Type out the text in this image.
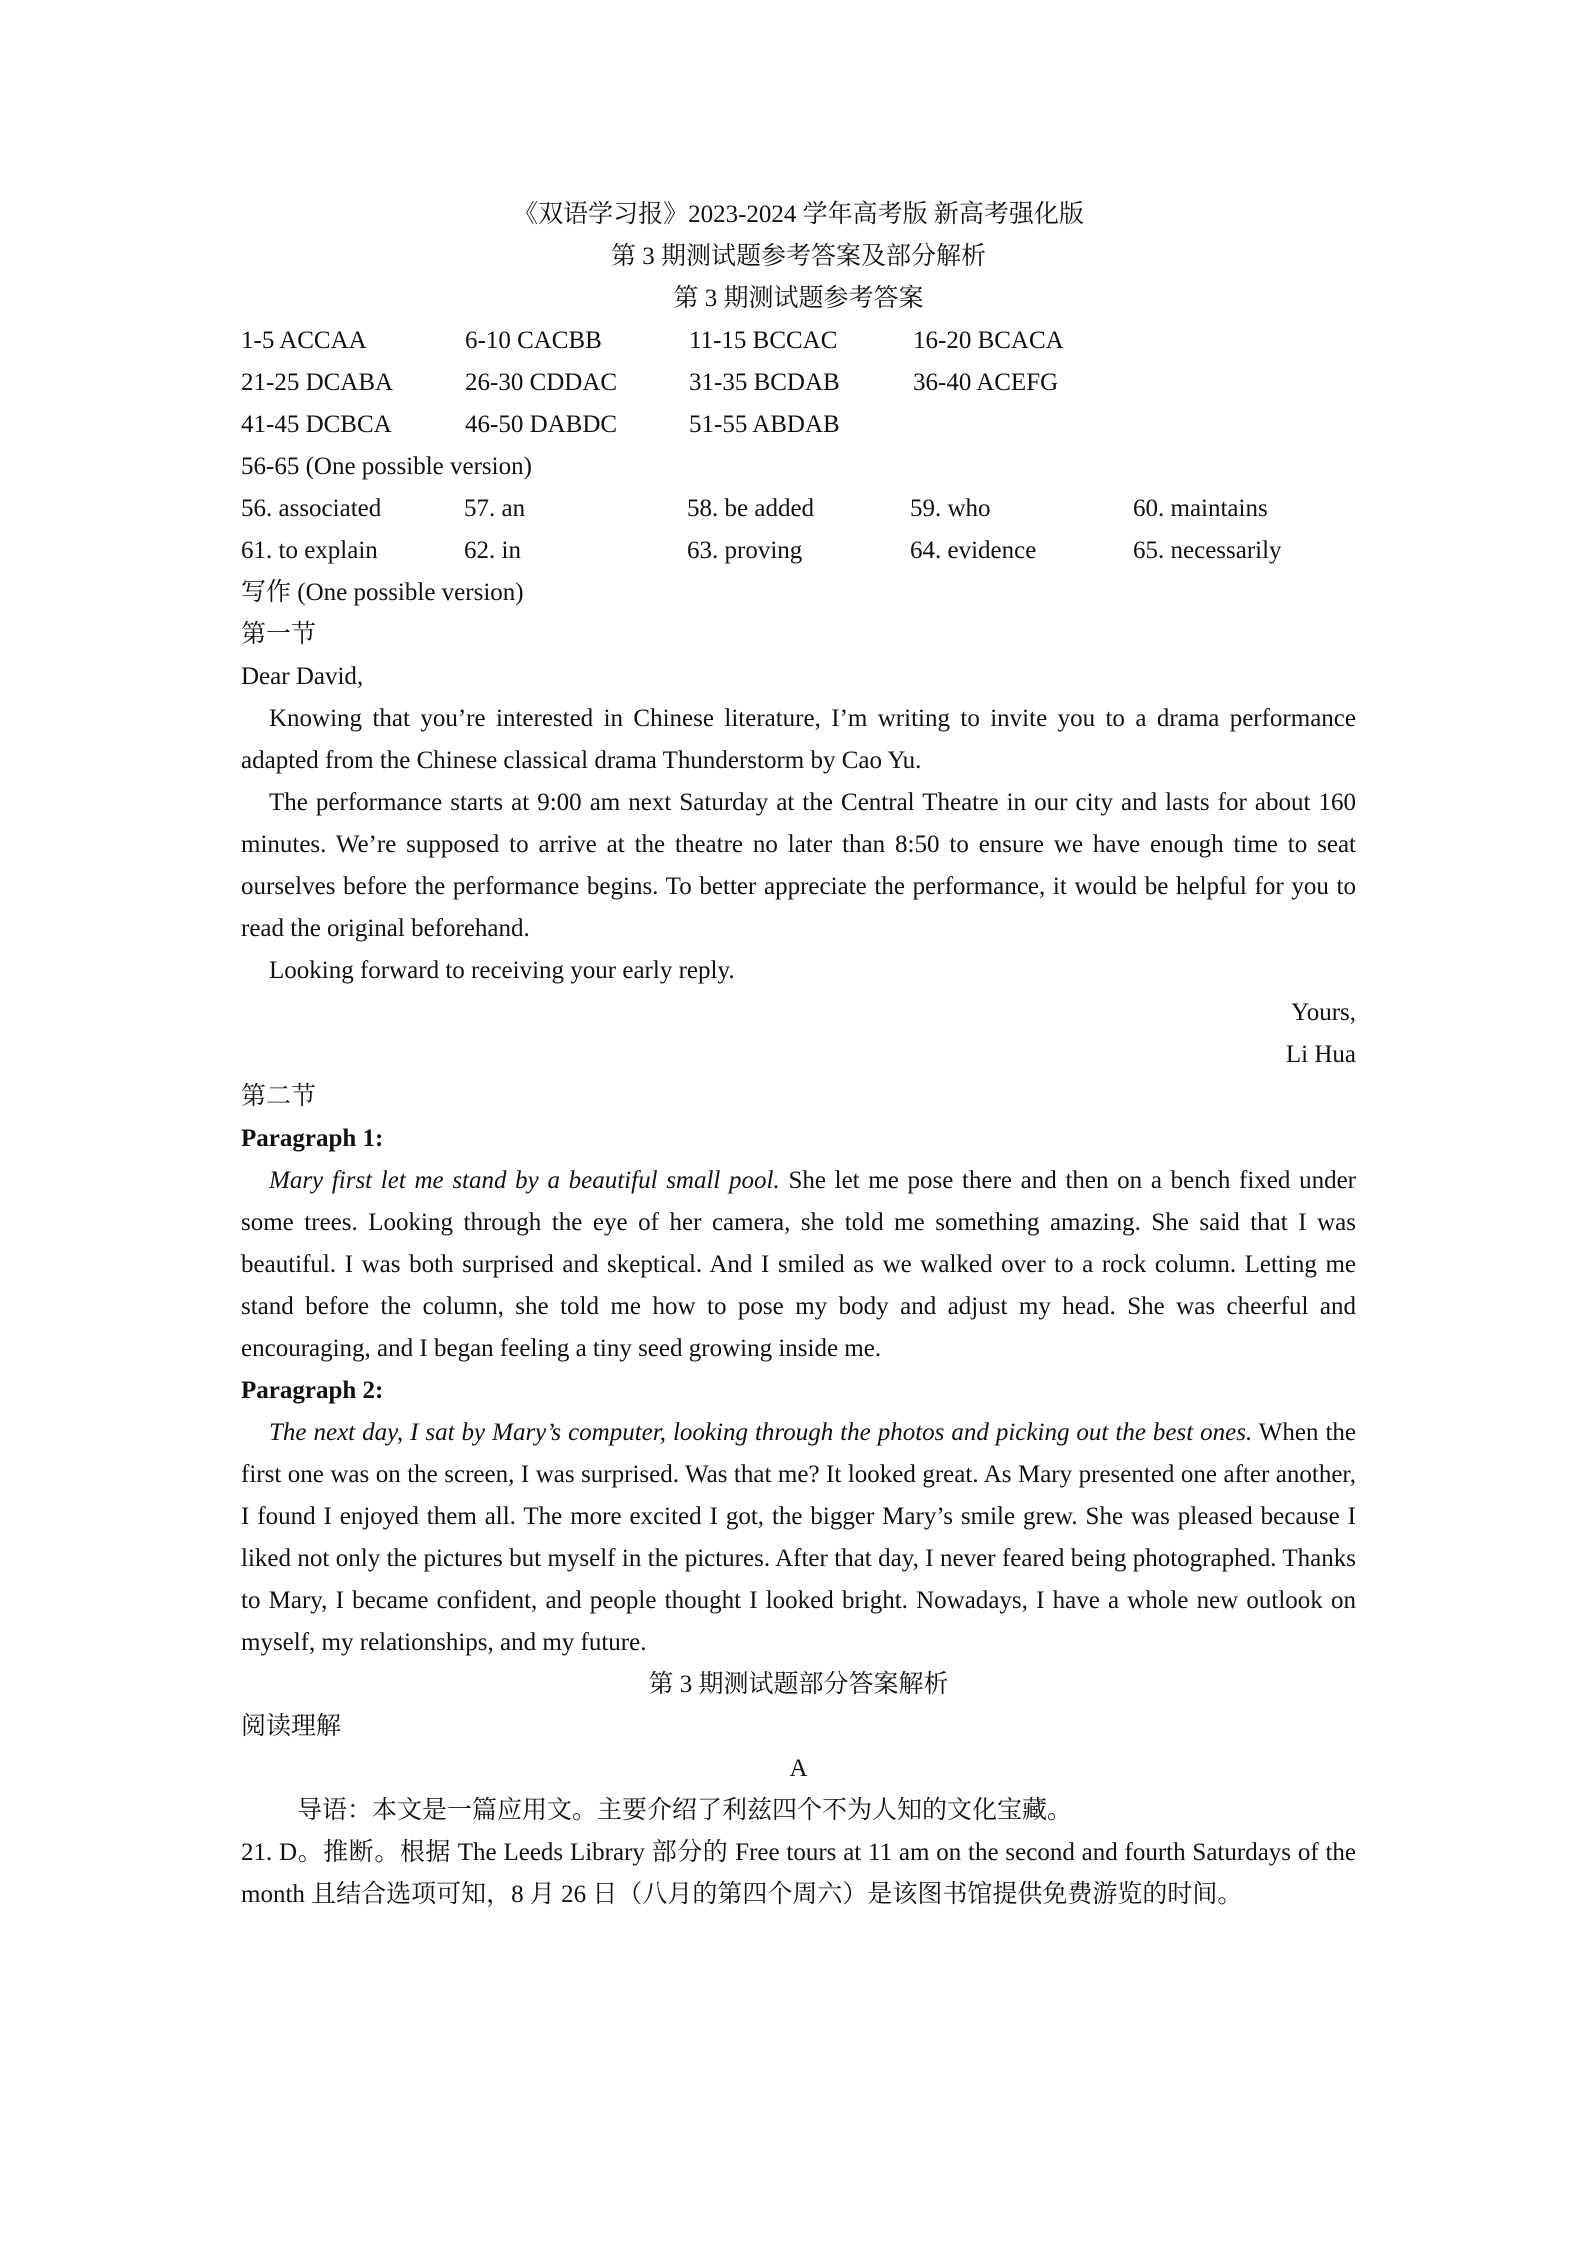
《双语学习报》2023-2024 学年高考版 新高考强化版
第 3 期测试题参考答案及部分解析
第 3 期测试题参考答案
1-5 ACCAA	6-10 CACBB	11-15 BCCAC	16-20 BCACA
21-25 DCABA	26-30 CDDAC	31-35 BCDAB	36-40 ACEFG
41-45 DCBCA	46-50 DABDC	51-55 ABDAB
56-65 (One possible version)
56. associated	57. an	58. be added	59. who	60. maintains
61. to explain	62. in	63. proving	64. evidence	65. necessarily
写作 (One possible version)
第一节
Dear David,
Knowing that you’re interested in Chinese literature, I’m writing to invite you to a drama performance adapted from the Chinese classical drama Thunderstorm by Cao Yu.
The performance starts at 9:00 am next Saturday at the Central Theatre in our city and lasts for about 160 minutes. We’re supposed to arrive at the theatre no later than 8:50 to ensure we have enough time to seat ourselves before the performance begins. To better appreciate the performance, it would be helpful for you to read the original beforehand.
Looking forward to receiving your early reply.
Yours,
Li Hua
第二节
Paragraph 1:
Mary first let me stand by a beautiful small pool. She let me pose there and then on a bench fixed under some trees. Looking through the eye of her camera, she told me something amazing. She said that I was beautiful. I was both surprised and skeptical. And I smiled as we walked over to a rock column. Letting me stand before the column, she told me how to pose my body and adjust my head. She was cheerful and encouraging, and I began feeling a tiny seed growing inside me.
Paragraph 2:
The next day, I sat by Mary’s computer, looking through the photos and picking out the best ones. When the first one was on the screen, I was surprised. Was that me? It looked great. As Mary presented one after another, I found I enjoyed them all. The more excited I got, the bigger Mary’s smile grew. She was pleased because I liked not only the pictures but myself in the pictures. After that day, I never feared being photographed. Thanks to Mary, I became confident, and people thought I looked bright. Nowadays, I have a whole new outlook on myself, my relationships, and my future.
第 3 期测试题部分答案解析
阅读理解
A
导语：本文是一篇应用文。主要介绍了利兹四个不为人知的文化宝藏。
21. D。推断。根据 The Leeds Library 部分的 Free tours at 11 am on the second and fourth Saturdays of the month 且结合选项可知，8 月 26 日（八月的第四个周六）是该图书馆提供免费游览的时间。
